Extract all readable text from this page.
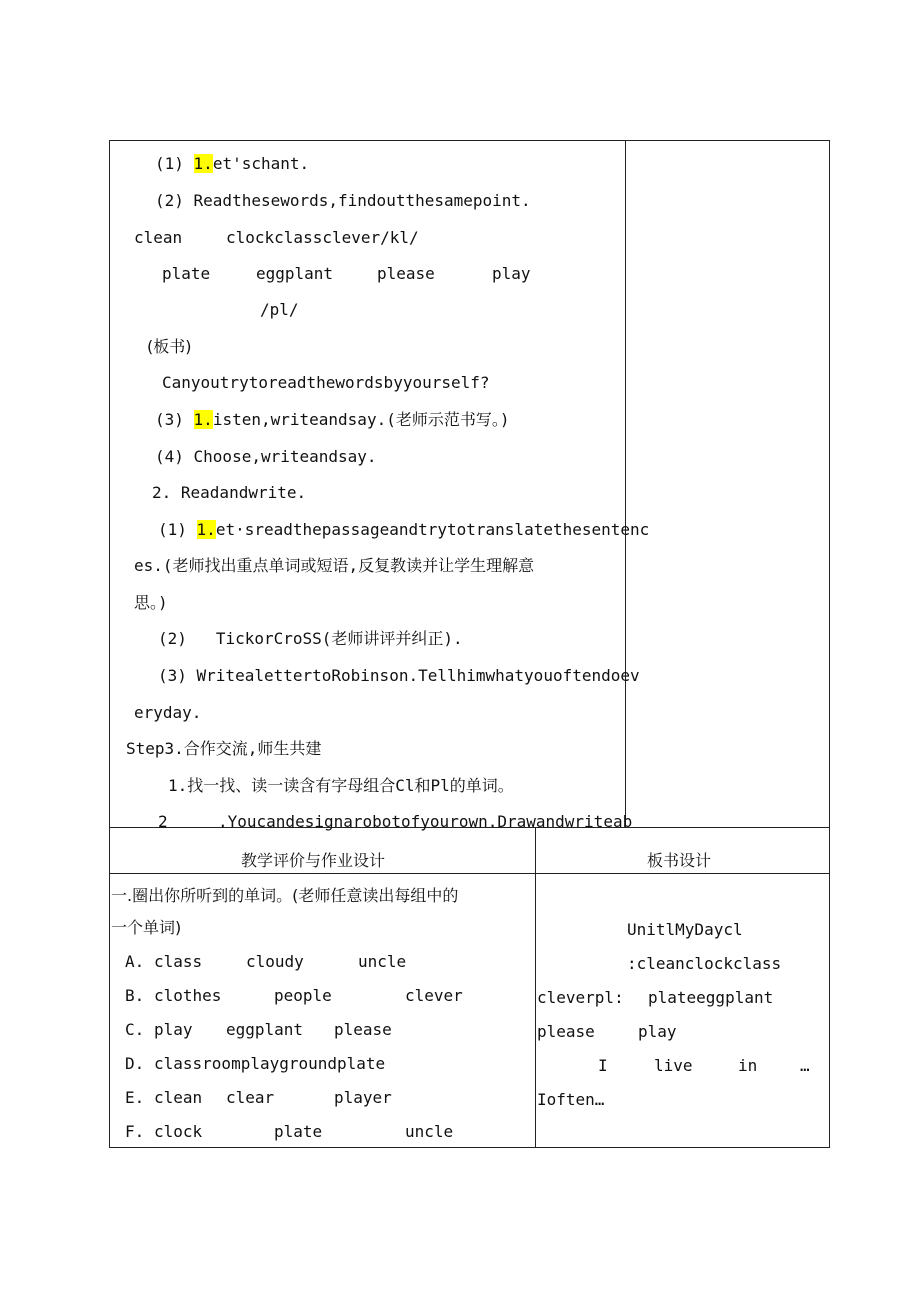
(1) 1.et'schant.
(2) Readthesewords,findoutthesamepoint.
clean	clockclassclever/kl/
plate	eggplant	please	play
/pl/
(板书)
Canyoutrytoreadthewordsbyyourself?
(3) 1.isten,writeandsay.(老师示范书写。)
(4) Choose,writeandsay.
2. Readandwrite.
(1) 1.et·sreadthepassageandtrytotranslatethesentenc
es.(老师找出重点单词或短语,反复教读并让学生理解意
思。)
(2) TickorCroSS(老师讲评并纠正).
(3) WritealettertoRobinson.Tellhimwhatyouoftendoev
eryday.
Step3.合作交流,师生共建
1.找一找、读一读含有字母组合Cl和Pl的单词。
2	.Youcandesignarobotofyourown.Drawandwriteab
教学评价与作业设计	板书设计
一.圈出你所听到的单词。(老师任意读出每组中的
一个单词)
A. class	cloudy	uncle
B. clothes	people	clever
C. play eggplant please
D. classroomplaygroundplate
E. clean clear	player
F. clock	plate	uncle
UnitlMyDaycl
:cleanclockclass
cleverpl: plateeggplant
please	play
I	live	in	…
Ioften…
